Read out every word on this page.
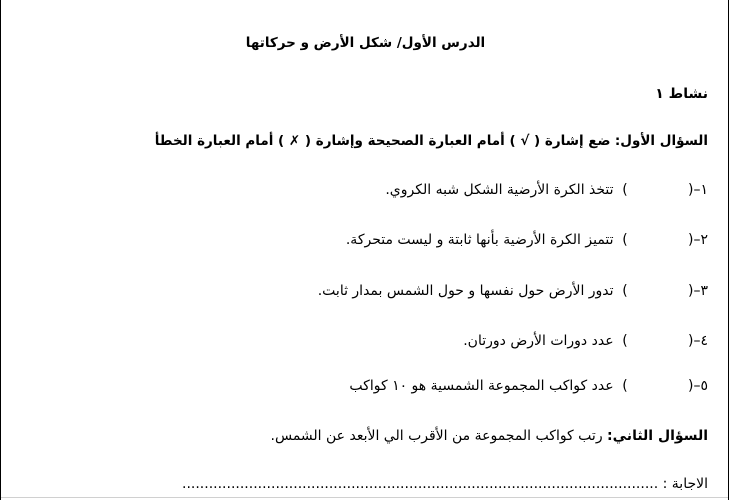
الدرس الأول/ شكل الأرض و حركاتها
نشاط ١
السؤال الأول: ضع إشارة ( √ ) أمام العبارة الصحيحة وإشارة ( ✗ ) أمام العبارة الخطأ
١–() تتخذ الكرة الأرضية الشكل شبه الكروي.
٢–() تتميز الكرة الأرضية بأنها ثابتة و ليست متحركة.
٣–() تدور الأرض حول نفسها و حول الشمس بمدار ثابت.
٤–() عدد دورات الأرض دورتان.
٥–() عدد كواكب المجموعة الشمسية هو ١٠ كواكب
السؤال الثاني: رتب كواكب المجموعة من الأقرب الي الأبعد عن الشمس.
الاجابة : ...........................................................................................................
